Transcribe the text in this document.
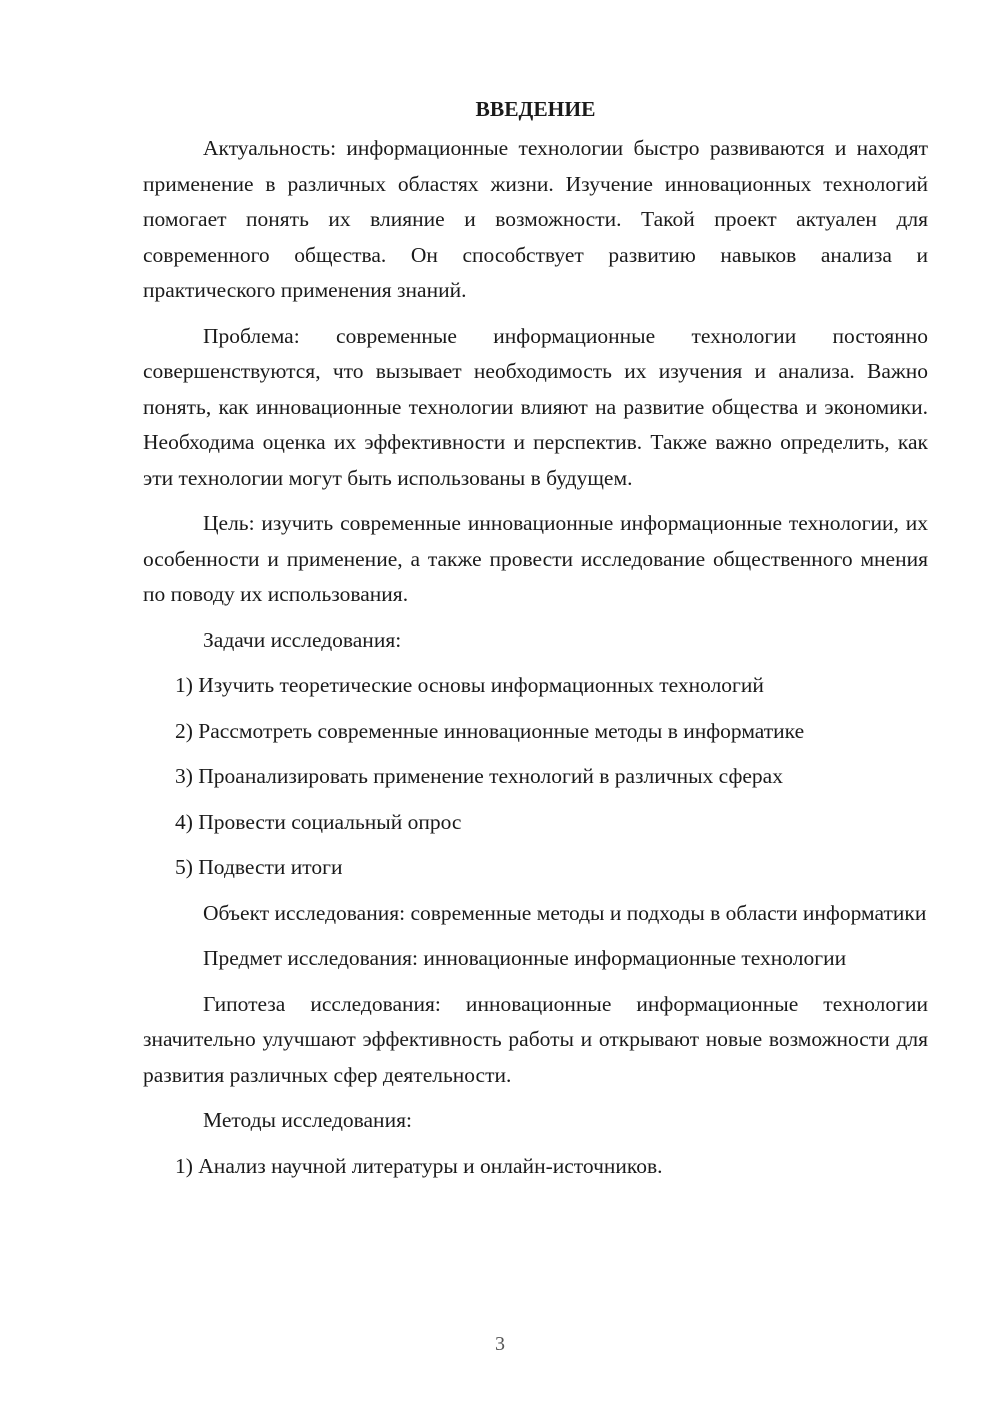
ВВЕДЕНИЕ

Актуальность: информационные технологии быстро развиваются и находят применение в различных областях жизни. Изучение инновационных технологий помогает понять их влияние и возможности. Такой проект актуален для современного общества. Он способствует развитию навыков анализа и практического применения знаний.

Проблема: современные информационные технологии постоянно совершенствуются, что вызывает необходимость их изучения и анализа. Важно понять, как инновационные технологии влияют на развитие общества и экономики. Необходима оценка их эффективности и перспектив. Также важно определить, как эти технологии могут быть использованы в будущем.

Цель: изучить современные инновационные информационные технологии, их особенности и применение, а также провести исследование общественного мнения по поводу их использования.

Задачи исследования:

1) Изучить теоретические основы информационных технологий
2) Рассмотреть современные инновационные методы в информатике
3) Проанализировать применение технологий в различных сферах
4) Провести социальный опрос
5) Подвести итоги

Объект исследования: современные методы и подходы в области информатики

Предмет исследования: инновационные информационные технологии

Гипотеза исследования: инновационные информационные технологии значительно улучшают эффективность работы и открывают новые возможности для развития различных сфер деятельности.

Методы исследования:

1) Анализ научной литературы и онлайн-источников.
3
